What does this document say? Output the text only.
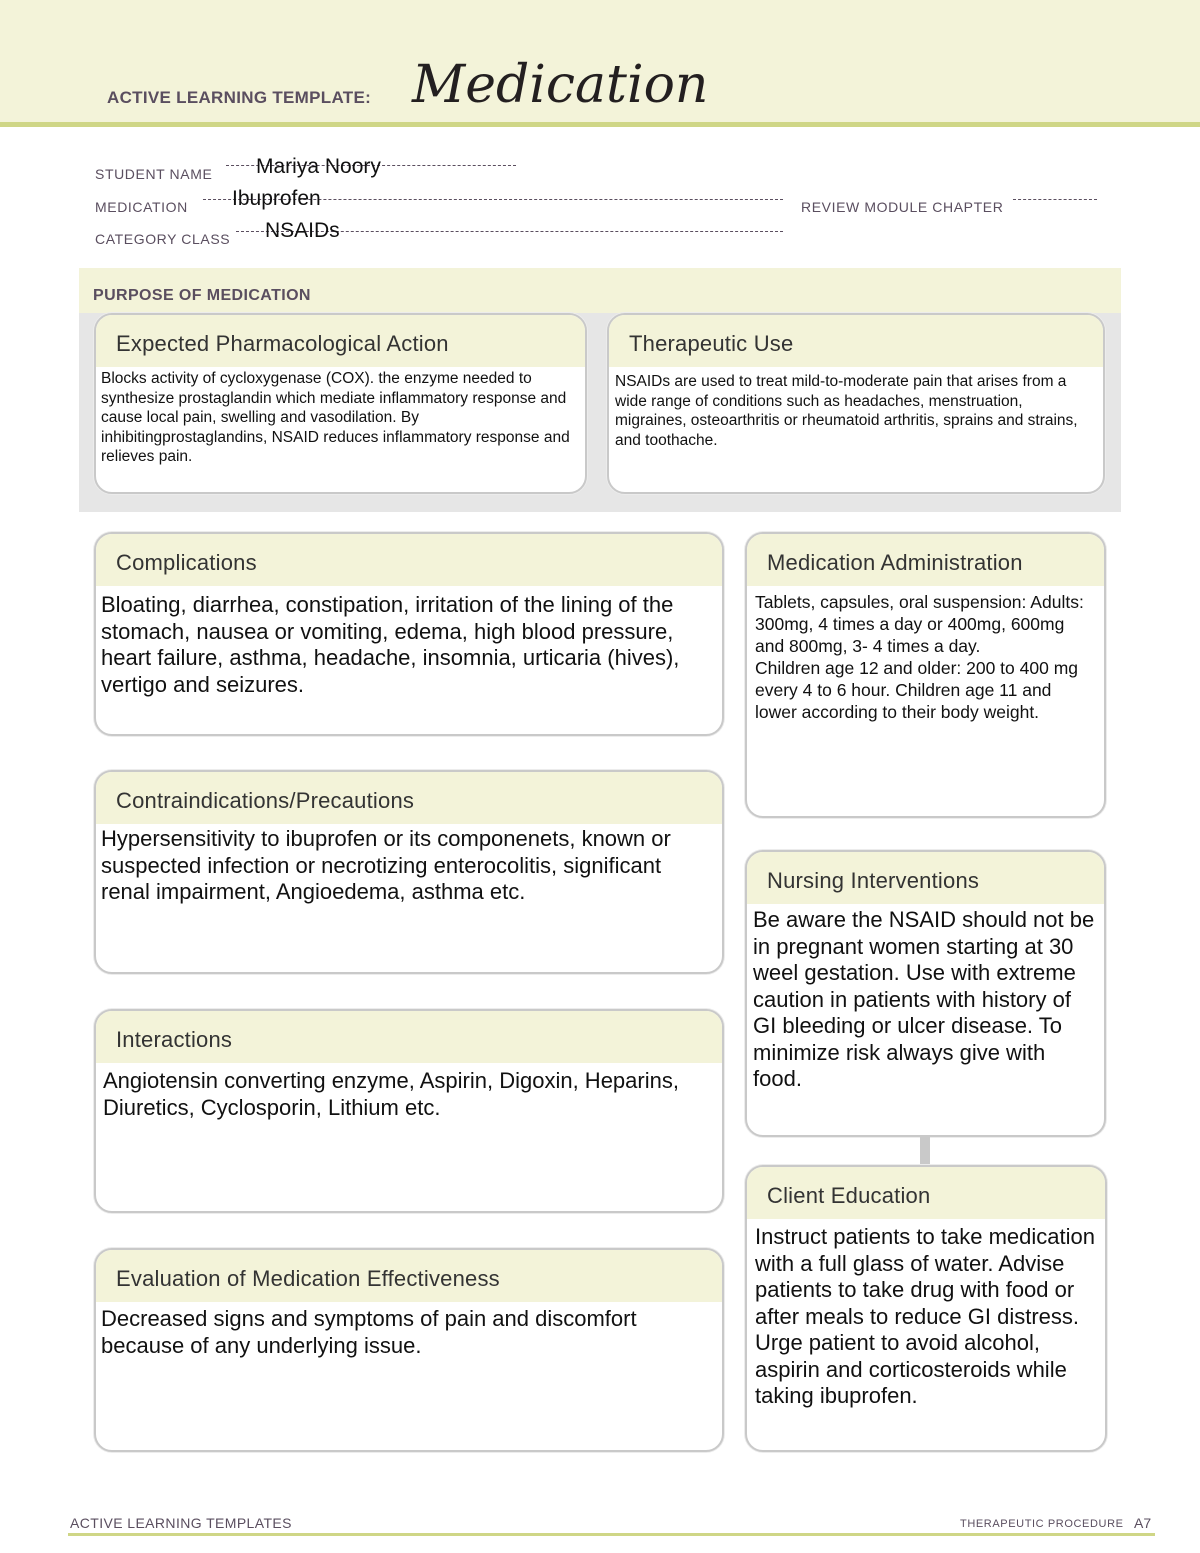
ACTIVE LEARNING TEMPLATE: Medication
STUDENT NAME Mariya Noory
MEDICATION Ibuprofen	REVIEW MODULE CHAPTER
CATEGORY CLASS NSAIDs
PURPOSE OF MEDICATION
Expected Pharmacological Action
Blocks activity of cycloxygenase (COX). the enzyme needed to synthesize prostaglandin which mediate inflammatory response and cause local pain, swelling and vasodilation. By inhibitingprostaglandins, NSAID reduces inflammatory response and relieves pain.
Therapeutic Use
NSAIDs are used to treat mild-to-moderate pain that arises from a wide range of conditions such as headaches, menstruation, migraines, osteoarthritis or rheumatoid arthritis, sprains and strains, and toothache.
Complications
Bloating, diarrhea, constipation, irritation of the lining of the stomach, nausea or vomiting, edema, high blood pressure, heart failure, asthma, headache, insomnia, urticaria (hives), vertigo and seizures.
Contraindications/Precautions
Hypersensitivity to ibuprofen or its componenets, known or suspected infection or necrotizing enterocolitis, significant renal impairment, Angioedema, asthma etc.
Interactions
Angiotensin converting enzyme, Aspirin, Digoxin, Heparins, Diuretics, Cyclosporin, Lithium etc.
Evaluation of Medication Effectiveness
Decreased signs and symptoms of pain and discomfort because of any underlying issue.
Medication Administration
Tablets, capsules, oral suspension: Adults: 300mg, 4 times a day or 400mg, 600mg and 800mg, 3- 4 times a day.
Children age 12 and older: 200 to 400 mg every 4 to 6 hour. Children age 11 and lower according to their body weight.
Nursing Interventions
Be aware the NSAID should not be in pregnant women starting at 30 weel gestation. Use with extreme caution in patients with history of GI bleeding or ulcer disease. To minimize risk always give with food.
Client Education
Instruct patients to take medication with a full glass of water. Advise patients to take drug with food or after meals to reduce GI distress. Urge patient to avoid alcohol, aspirin and corticosteroids while taking ibuprofen.
ACTIVE LEARNING TEMPLATES	THERAPEUTIC PROCEDURE A7
